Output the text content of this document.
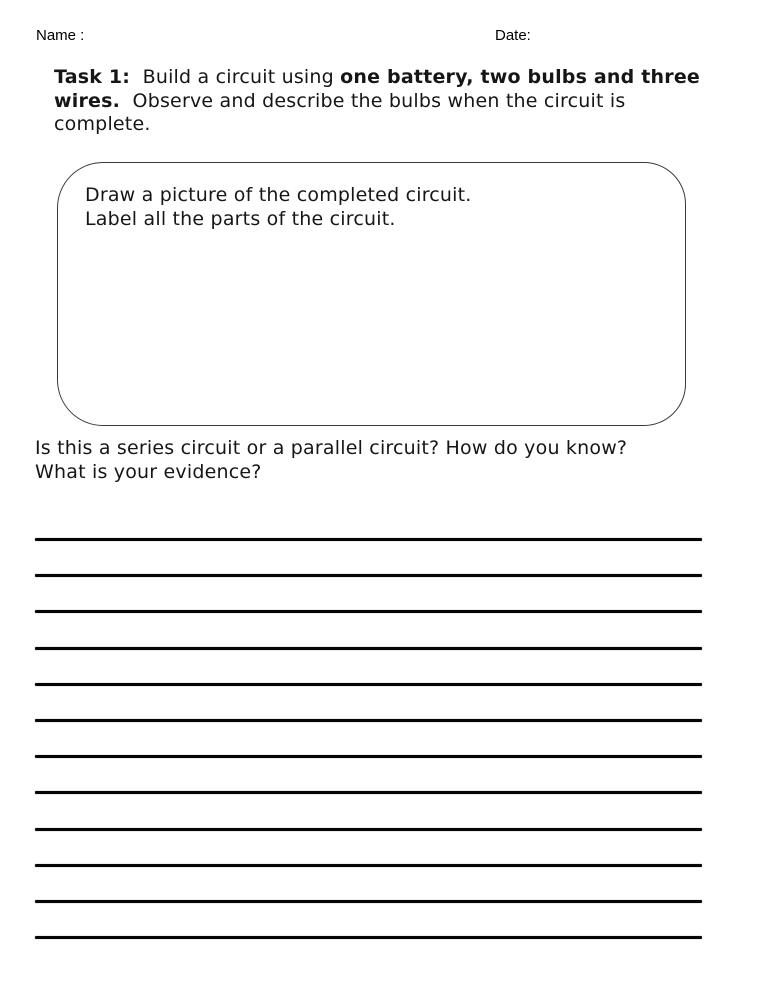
Name :	Date:
Task 1:  Build a circuit using one battery, two bulbs and three
wires.  Observe and describe the bulbs when the circuit is
complete.
Draw a picture of the completed circuit.
Label all the parts of the circuit.
Is this a series circuit or a parallel circuit? How do you know?
What is your evidence?
